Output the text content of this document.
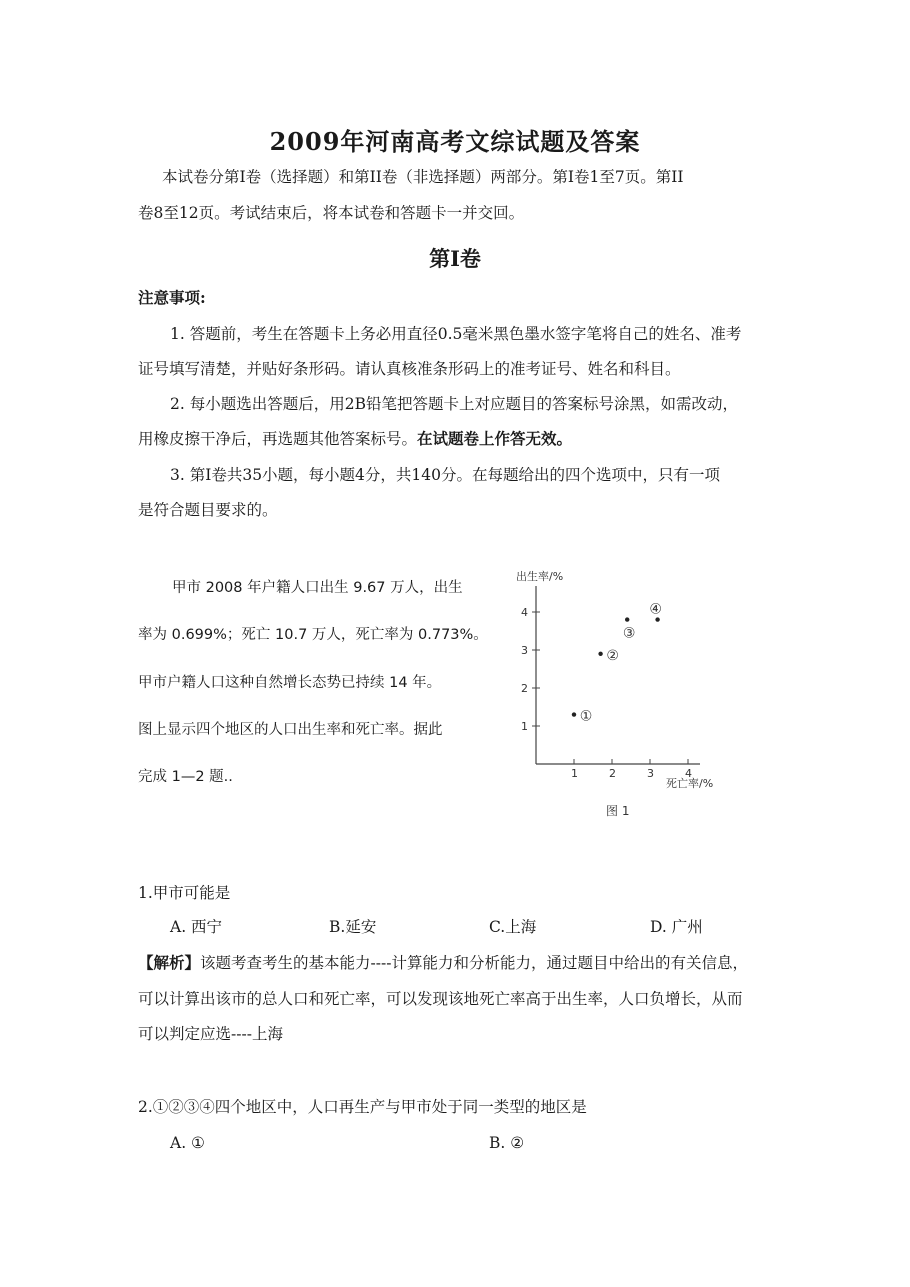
2009年河南高考文综试题及答案
本试卷分第Ⅰ卷（选择题）和第II卷（非选择题）两部分。第Ⅰ卷1至7页。第II
卷8至12页。考试结束后，将本试卷和答题卡一并交回。
第Ⅰ卷
注意事项:
1. 答题前，考生在答题卡上务必用直径0.5毫米黑色墨水签字笔将自己的姓名、准考
证号填写清楚，并贴好条形码。请认真核准条形码上的准考证号、姓名和科目。
2. 每小题选出答题后，用2B铅笔把答题卡上对应题目的答案标号涂黑，如需改动，
用橡皮擦干净后，再选题其他答案标号。在试题卷上作答无效。
3. 第Ⅰ卷共35小题，每小题4分，共140分。在每题给出的四个选项中，只有一项
是符合题目要求的。
甲市 2008 年户籍人口出生 9.67 万人，出生
率为 0.699%；死亡 10.7 万人，死亡率为 0.773%。
甲市户籍人口这种自然增长态势已持续 14 年。
图上显示四个地区的人口出生率和死亡率。据此
完成 1—2 题..
出生率/%
死亡率/%
图 1
1	2	3	4
1
2
3
4
①
②
③
④
1.甲市可能是
A. 西宁	B.延安	C.上海	D. 广州
【解析】该题考查考生的基本能力----计算能力和分析能力，通过题目中给出的有关信息，
可以计算出该市的总人口和死亡率，可以发现该地死亡率高于出生率，人口负增长，从而
可以判定应选----上海
2.①②③④四个地区中，人口再生产与甲市处于同一类型的地区是
A. ①	B. ②
